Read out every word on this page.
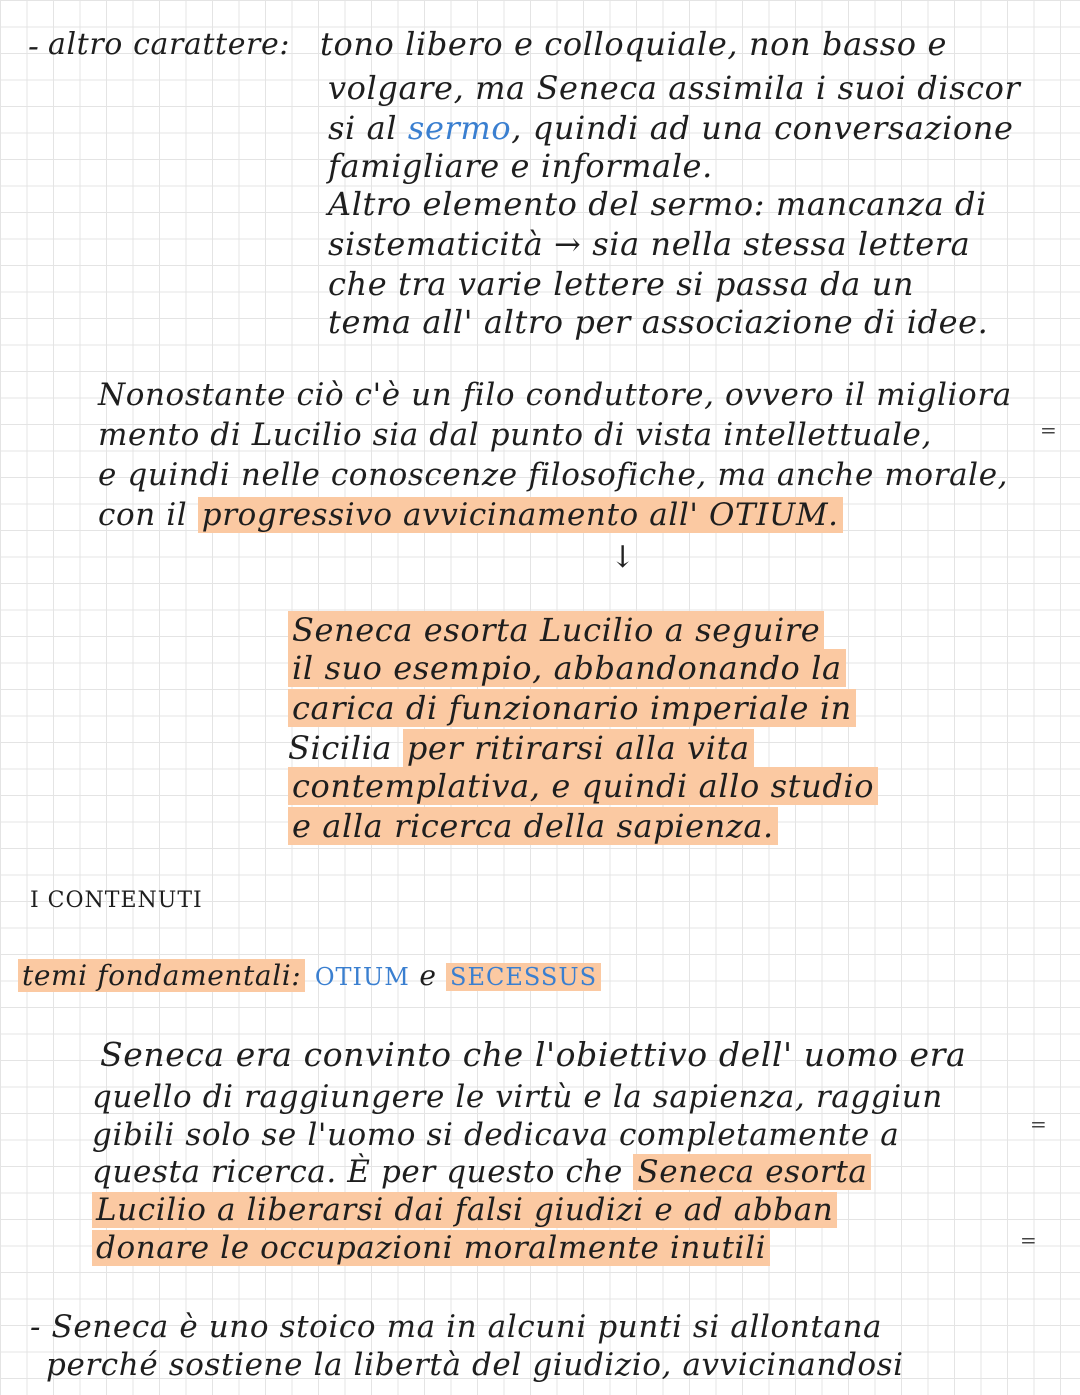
- altro carattere: tono libero e colloquiale, non basso e
volgare, ma Seneca assimila i suoi discor
si al sermo, quindi ad una conversazione
famigliare e informale.
Altro elemento del sermo: mancanza di
sistematicità → sia nella stessa lettera
che tra varie lettere si passa da un
tema all' altro per associazione di idee.
Nonostante ciò c'è un filo conduttore, ovvero il migliora
=
mento di Lucilio sia dal punto di vista intellettuale,
e quindi nelle conoscenze filosofiche, ma anche morale,
con il progressivo avvicinamento all' OTIUM.
↓
Seneca esorta Lucilio a seguire
il suo esempio, abbandonando la
carica di funzionario imperiale in
Sicilia per ritirarsi alla vita
contemplativa, e quindi allo studio
e alla ricerca della sapienza.
I CONTENUTI
temi fondamentali: OTIUM e SECESSUS
Seneca era convinto che l'obiettivo dell' uomo era
quello di raggiungere le virtù e la sapienza, raggiun
=
gibili solo se l'uomo si dedicava completamente a
questa ricerca. È per questo che Seneca esorta
Lucilio a liberarsi dai falsi giudizi e ad abban
=
donare le occupazioni moralmente inutili
- Seneca è uno stoico ma in alcuni punti si allontana
perché sostiene la libertà del giudizio, avvicinandosi
